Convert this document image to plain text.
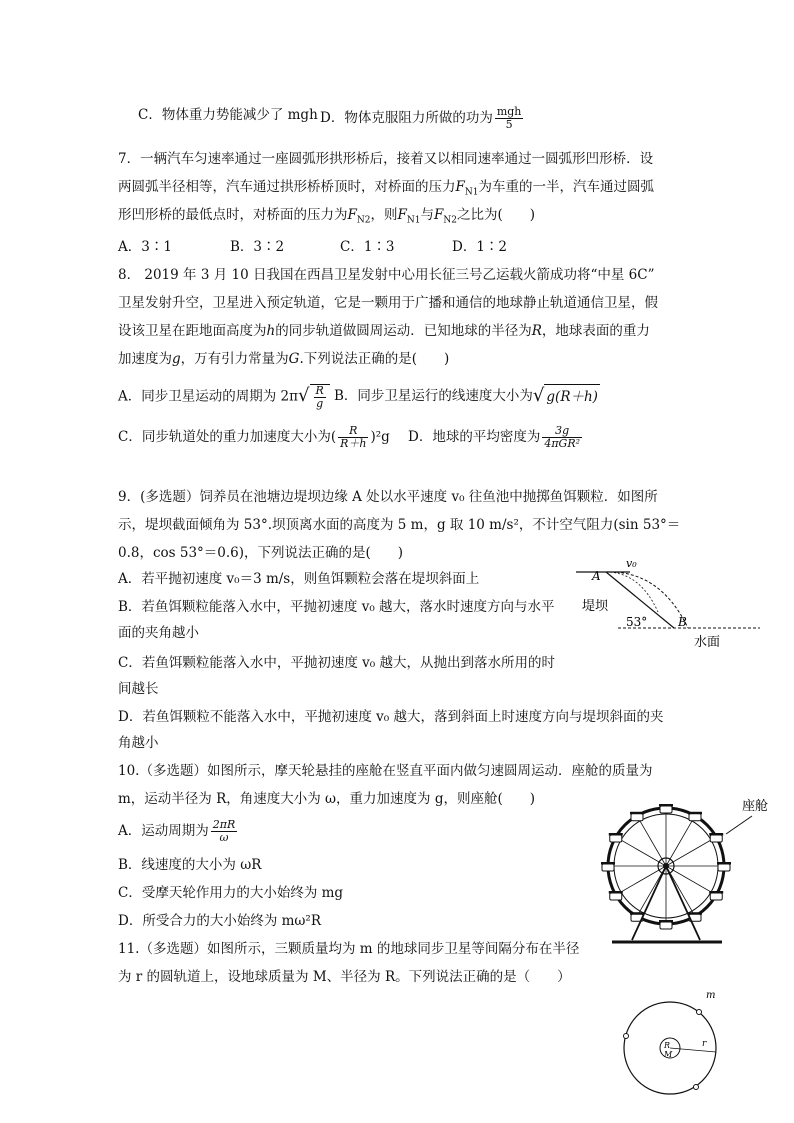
C．物体重力势能减少了 mgh D．物体克服阻力所做的功为 $\frac{\text{mgh}}{5}$
7．一辆汽车匀速率通过一座圆弧形拱形桥后，接着又以相同速率通过一圆弧形凹形桥．设
两圆弧半径相等，汽车通过拱形桥桥顶时，对桥面的压力$F_{N1}$为车重的一半，汽车通过圆弧
形凹形桥的最低点时，对桥面的压力为$F_{N2}$，则$F_{N1}$与$F_{N2}$之比为(　　)
A．3∶1	B．3∶2	C．1∶3	D．1∶2
8． 2019 年 3 月 10 日我国在西昌卫星发射中心用长征三号乙运载火箭成功将“中星 6C”
卫星发射升空，卫星进入预定轨道，它是一颗用于广播和通信的地球静止轨道通信卫星，假
设该卫星在距地面高度为h的同步轨道做圆周运动．已知地球的半径为R，地球表面的重力
加速度为g，万有引力常量为G.下列说法正确的是(　　)
A．同步卫星运动的周期为 $2\pi√ \frac{R}{g}$ B．同步卫星运行的线速度大小为√ g(R＋h)
C．同步轨道处的重力加速度大小为( $\frac{R}{R+h} )^2g$ D．地球的平均密度为 $\frac{3g}{\text{4πGR²}}$
9．(多选题）饲养员在池塘边堤坝边缘 A 处以水平速度 v₀ 往鱼池中抛掷鱼饵颗粒．如图所
示，堤坝截面倾角为 53°.坝顶离水面的高度为 5 m，g 取 10 m/s²，不计空气阻力(sin 53°＝
0.8，cos 53°＝0.6)，下列说法正确的是(　　)
A．若平抛初速度 v₀＝3 m/s，则鱼饵颗粒会落在堤坝斜面上
B．若鱼饵颗粒能落入水中，平抛初速度 v₀ 越大，落水时速度方向与水平
面的夹角越小
C．若鱼饵颗粒能落入水中，平抛初速度 v₀ 越大，从抛出到落水所用的时
间越长
D．若鱼饵颗粒不能落入水中，平抛初速度 v₀ 越大，落到斜面上时速度方向与堤坝斜面的夹
角越小
v₀
A
B
堤坝
53°
水面
10.（多选题）如图所示，摩天轮悬挂的座舱在竖直平面内做匀速圆周运动．座舱的质量为
m，运动半径为 R，角速度大小为 ω，重力加速度为 g，则座舱(　　)
A．运动周期为 $\frac{2\pi R}{\omega}$
B．线速度的大小为 ωR
C．受摩天轮作用力的大小始终为 mg
D．所受合力的大小始终为 mω²R
座舱
11.（多选题）如图所示，三颗质量均为 m 的地球同步卫星等间隔分布在半径
为 r 的圆轨道上，设地球质量为 M、半径为 R。下列说法正确的是（　　）
m
R
M
r
